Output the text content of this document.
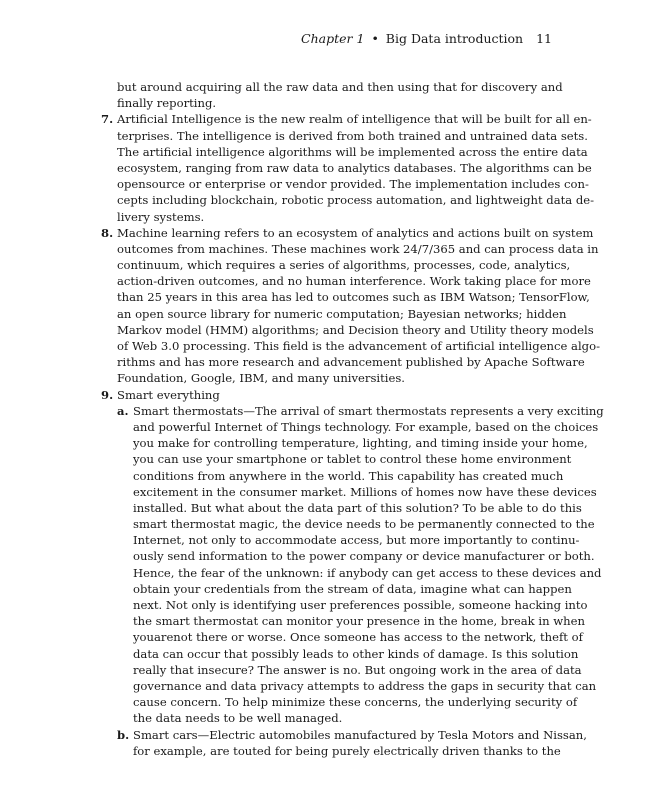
Chapter 1 • Big Data introduction 11
but around acquiring all the raw data and then using that for discovery and
finally reporting.
7. Artificial Intelligence is the new realm of intelligence that will be built for all en-
terprises. The intelligence is derived from both trained and untrained data sets.
The artificial intelligence algorithms will be implemented across the entire data
ecosystem, ranging from raw data to analytics databases. The algorithms can be
opensource or enterprise or vendor provided. The implementation includes con-
cepts including blockchain, robotic process automation, and lightweight data de-
livery systems.
8. Machine learning refers to an ecosystem of analytics and actions built on system
outcomes from machines. These machines work 24/7/365 and can process data in
continuum, which requires a series of algorithms, processes, code, analytics,
action-driven outcomes, and no human interference. Work taking place for more
than 25 years in this area has led to outcomes such as IBM Watson; TensorFlow,
an open source library for numeric computation; Bayesian networks; hidden
Markov model (HMM) algorithms; and Decision theory and Utility theory models
of Web 3.0 processing. This field is the advancement of artificial intelligence algo-
rithms and has more research and advancement published by Apache Software
Foundation, Google, IBM, and many universities.
9. Smart everything
a. Smart thermostats—The arrival of smart thermostats represents a very exciting
and powerful Internet of Things technology. For example, based on the choices
you make for controlling temperature, lighting, and timing inside your home,
you can use your smartphone or tablet to control these home environment
conditions from anywhere in the world. This capability has created much
excitement in the consumer market. Millions of homes now have these devices
installed. But what about the data part of this solution? To be able to do this
smart thermostat magic, the device needs to be permanently connected to the
Internet, not only to accommodate access, but more importantly to continu-
ously send information to the power company or device manufacturer or both.
Hence, the fear of the unknown: if anybody can get access to these devices and
obtain your credentials from the stream of data, imagine what can happen
next. Not only is identifying user preferences possible, someone hacking into
the smart thermostat can monitor your presence in the home, break in when
youarenot there or worse. Once someone has access to the network, theft of
data can occur that possibly leads to other kinds of damage. Is this solution
really that insecure? The answer is no. But ongoing work in the area of data
governance and data privacy attempts to address the gaps in security that can
cause concern. To help minimize these concerns, the underlying security of
the data needs to be well managed.
b. Smart cars—Electric automobiles manufactured by Tesla Motors and Nissan,
for example, are touted for being purely electrically driven thanks to the
